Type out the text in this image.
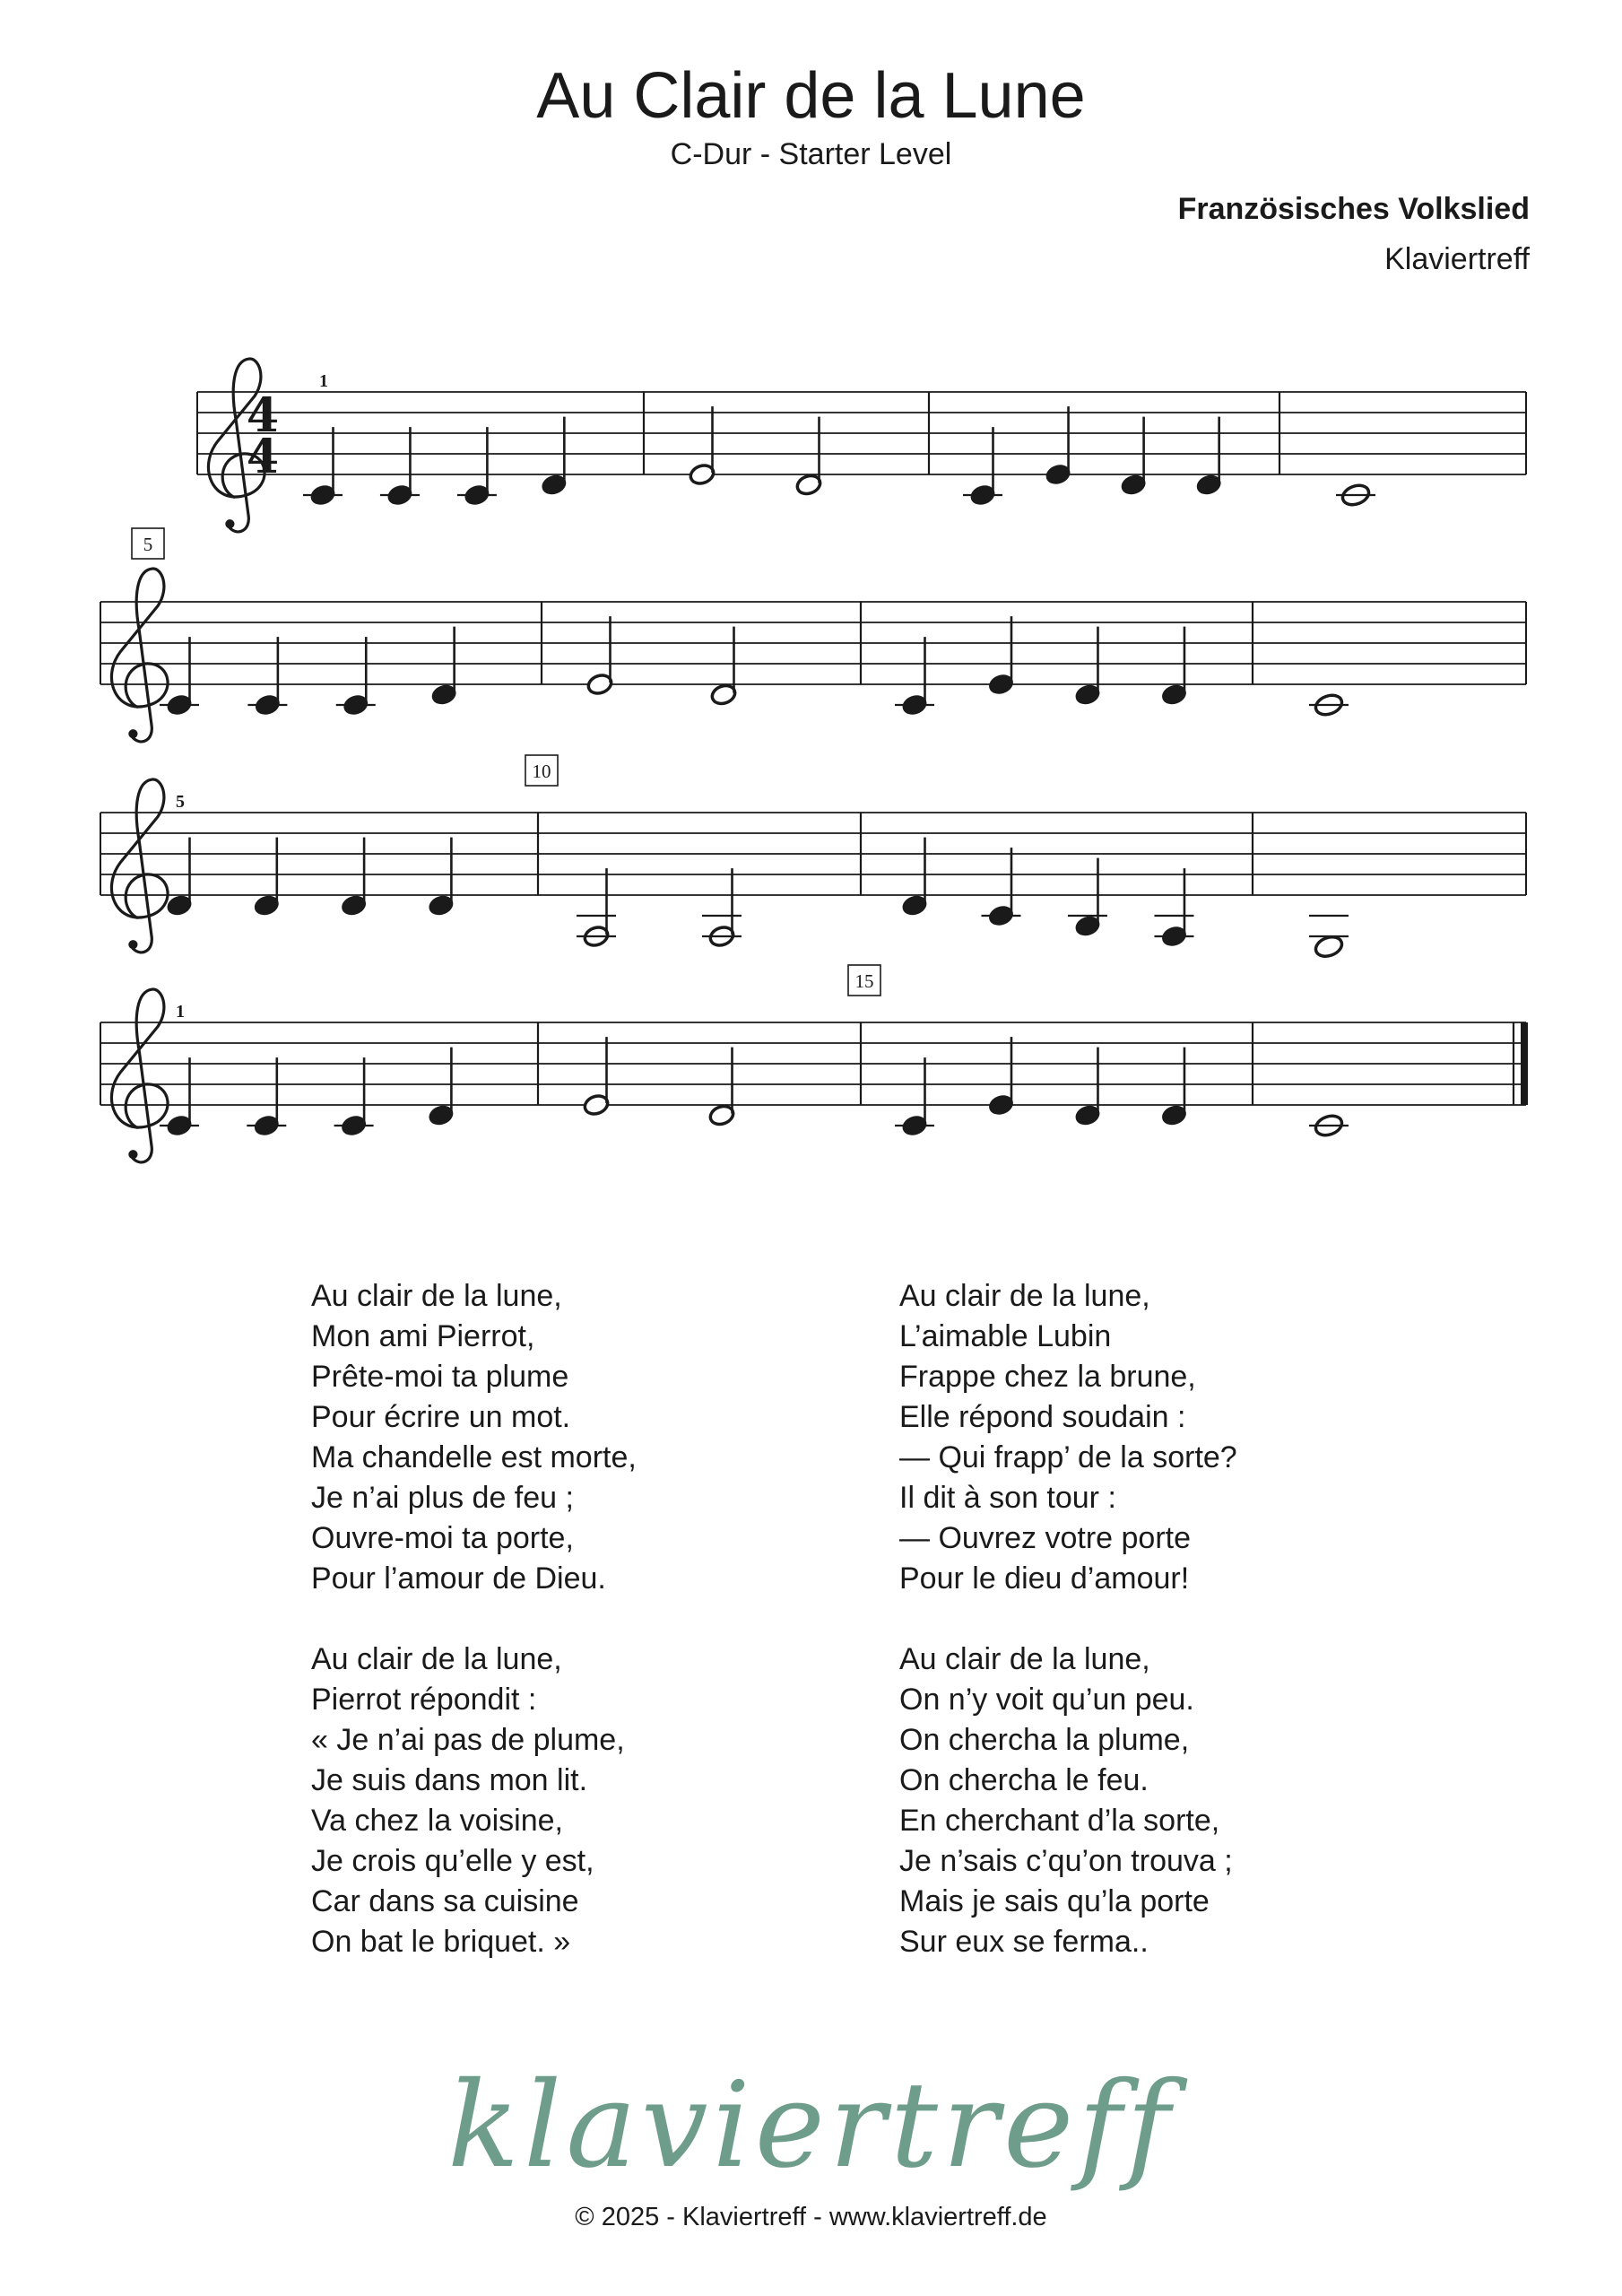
Au Clair de la Lune
C-Dur - Starter Level
Französisches Volkslied
Klaviertreff
4
4
1
5
5
1
10
15
Au clair de la lune,
Mon ami Pierrot,
Prête-moi ta plume
Pour écrire un mot.
Ma chandelle est morte,
Je n’ai plus de feu ;
Ouvre-moi ta porte,
Pour l’amour de Dieu.
Au clair de la lune,
Pierrot répondit :
« Je n’ai pas de plume,
Je suis dans mon lit.
Va chez la voisine,
Je crois qu’elle y est,
Car dans sa cuisine
On bat le briquet. »
Au clair de la lune,
L’aimable Lubin
Frappe chez la brune,
Elle répond soudain :
— Qui frapp’ de la sorte?
Il dit à son tour :
— Ouvrez votre porte
Pour le dieu d’amour!
Au clair de la lune,
On n’y voit qu’un peu.
On chercha la plume,
On chercha le feu.
En cherchant d’la sorte,
Je n’sais c’qu’on trouva ;
Mais je sais qu’la porte
Sur eux se ferma..
klaviertreff
© 2025 - Klaviertreff - www.klaviertreff.de
